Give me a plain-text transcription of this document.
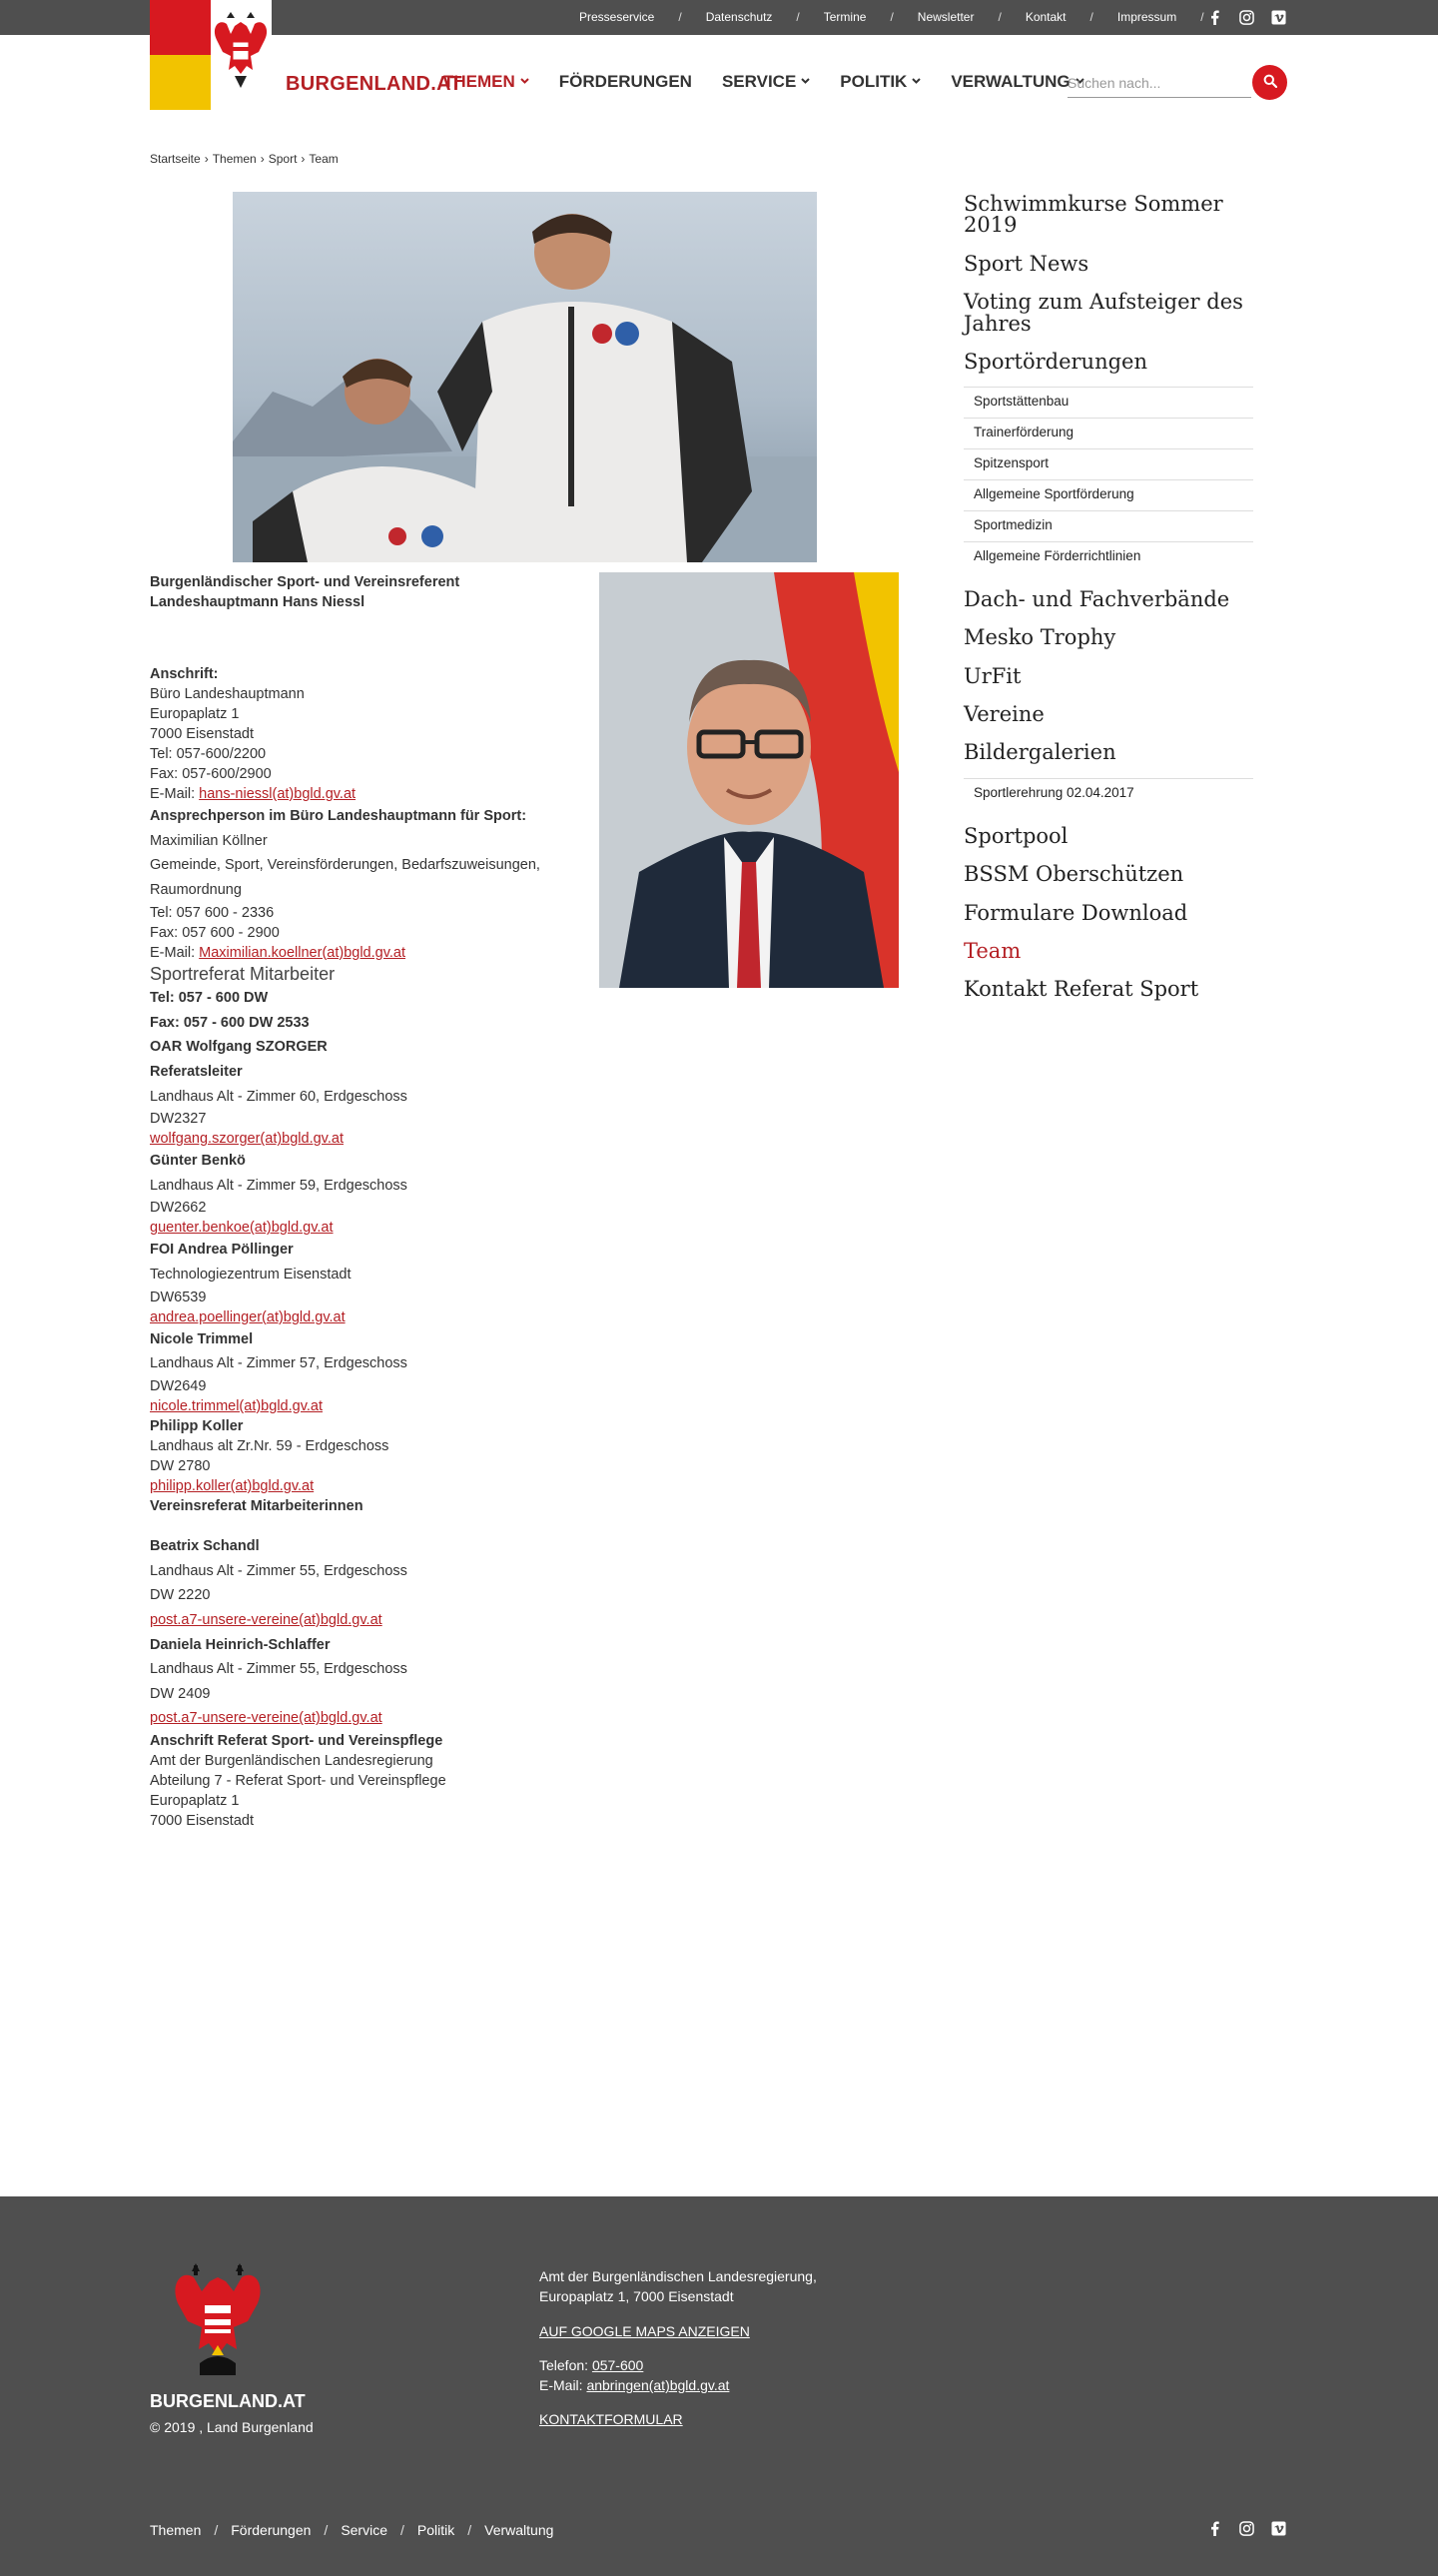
Presseservice / Datenschutz / Termine / Newsletter / Kontakt / Impressum /
BURGENLAND.AT
THEMEN	FÖRDERUNGEN SERVICE	POLITIK	VERWALTUNG
Suchen nach...
Startseite › Themen › Sport › Team

Burgenländischer Sport- und Vereinsreferent

Landeshauptmann Hans Niessl

Anschrift:

Büro Landeshauptmann

Europaplatz 1

7000 Eisenstadt

Tel: 057-600/2200

Fax: 057-600/2900

E-Mail: hans-niessl(at)bgld.gv.at

Ansprechperson im Büro Landeshauptmann für Sport:

Maximilian Köllner

Gemeinde, Sport, Vereinsförderungen, Bedarfszuweisungen, Raumordnung

Tel: 057 600 - 2336

Fax: 057 600 - 2900

E-Mail: Maximilian.koellner(at)bgld.gv.at

Sportreferat Mitarbeiter

Tel: 057 - 600 DW

Fax: 057 - 600 DW 2533

OAR Wolfgang SZORGER

Referatsleiter

Landhaus Alt - Zimmer 60, Erdgeschoss

DW2327

wolfgang.szorger(at)bgld.gv.at

Günter Benkö

Landhaus Alt - Zimmer 59, Erdgeschoss

DW2662

guenter.benkoe(at)bgld.gv.at

FOI Andrea Pöllinger

Technologiezentrum Eisenstadt

DW6539

andrea.poellinger(at)bgld.gv.at

Nicole Trimmel

Landhaus Alt - Zimmer 57, Erdgeschoss

DW2649

nicole.trimmel(at)bgld.gv.at

Philipp Koller

Landhaus alt Zr.Nr. 59 - Erdgeschoss

DW 2780

philipp.koller(at)bgld.gv.at

Vereinsreferat Mitarbeiterinnen

Beatrix Schandl

Landhaus Alt - Zimmer 55, Erdgeschoss

DW 2220

post.a7-unsere-vereine(at)bgld.gv.at

Daniela Heinrich-Schlaffer

Landhaus Alt - Zimmer 55, Erdgeschoss

DW 2409

post.a7-unsere-vereine(at)bgld.gv.at

Anschrift Referat Sport- und Vereinspflege

Amt der Burgenländischen Landesregierung

Abteilung 7 - Referat Sport- und Vereinspflege

Europaplatz 1

7000 Eisenstadt

Schwimmkurse Sommer 2019
Sport News
Voting zum Aufsteiger des Jahres
Sportörderungen
Sportstättenbau
Trainerförderung
Spitzensport
Allgemeine Sportförderung
Sportmedizin
Allgemeine Förderrichtlinien
Dach- und Fachverbände
Mesko Trophy
UrFit
Vereine
Bildergalerien
Sportlerehrung 02.04.2017
Sportpool
BSSM Oberschützen
Formulare Download
Team
Kontakt Referat Sport
BURGENLAND.AT
© 2019 , Land Burgenland

Amt der Burgenländischen Landesregierung,

Europaplatz 1, 7000 Eisenstadt

AUF GOOGLE MAPS ANZEIGEN

Telefon: 057-600

E-Mail: anbringen(at)bgld.gv.at

KONTAKTFORMULAR

Themen / Förderungen / Service / Politik / Verwaltung
